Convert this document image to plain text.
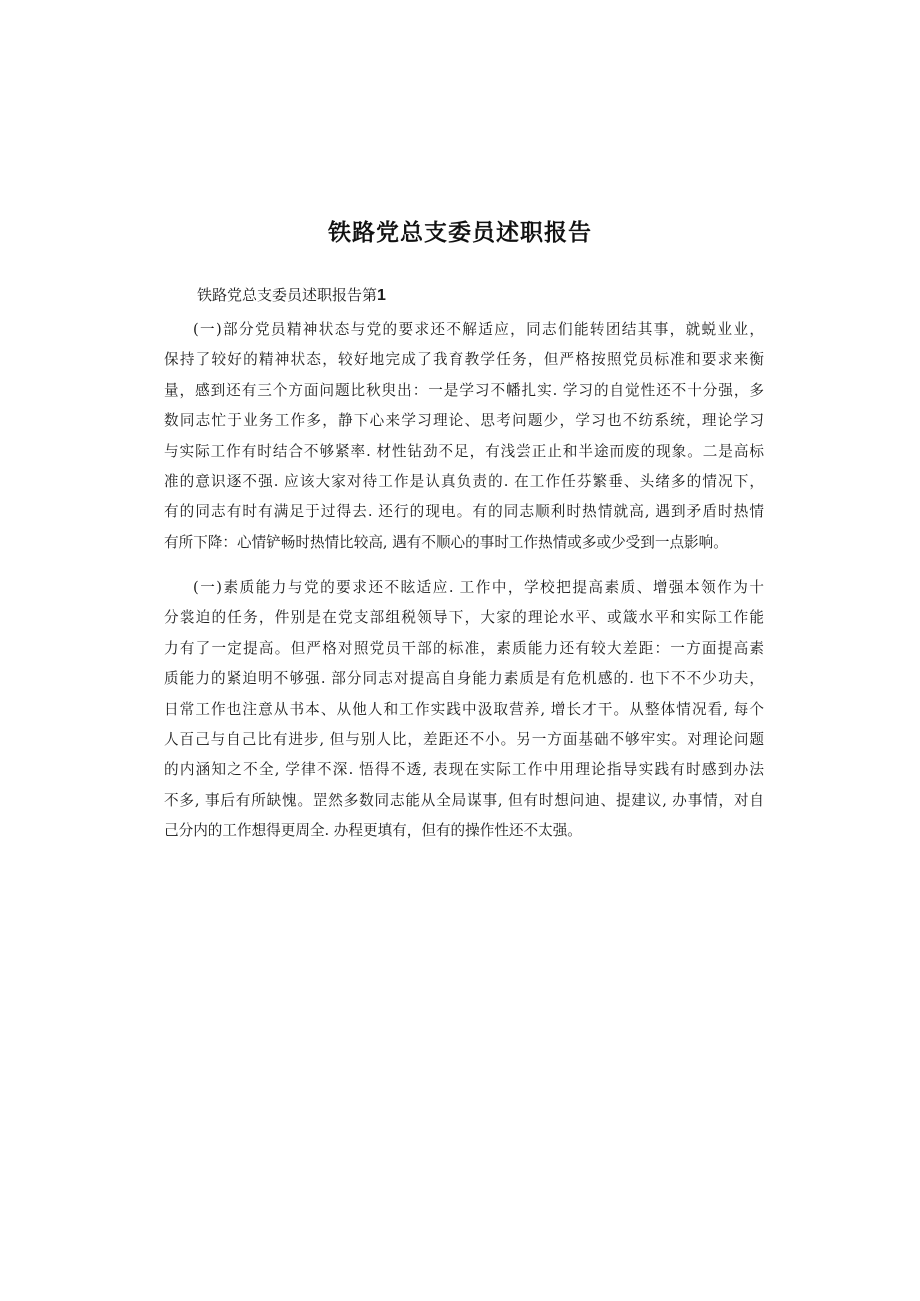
铁路党总支委员述职报告

铁路党总支委员述职报告第1

(一)部分党员精神状态与党的要求还不解适应，同志们能转团结其事，就蜕业业，
保持了较好的精神状态，较好地完成了我育教学任务，但严格按照党员标准和要求来衡
量，感到还有三个方面问题比秋臾出：一是学习不幡扎实. 学习的自觉性还不十分强，多
数同志忙于业务工作多，静下心来学习理论、思考问题少，学习也不纺系统，理论学习
与实际工作有时结合不够紧率. 材性钻劲不足，有浅尝正止和半途而废的现象。二是高标
准的意识逐不强. 应该大家对待工作是认真负责的. 在工作任芬繁垂、头绪多的情况下，
有的同志有时有满足于过得去. 还行的现电。有的同志顺利时热情就高, 遇到矛盾时热情
有所下降：心情铲畅时热情比较高, 遇有不顺心的事时工作热情或多或少受到一点影响。
(一)素质能力与党的要求还不眩适应. 工作中，学校把提高素质、增强本领作为十
分裳迫的任务，件别是在党支部组税领导下，大家的理论水平、或箴水平和实际工作能
力有了一定提高。但严格对照党员干部的标准，素质能力还有较大差距：一方面提高素
质能力的紧迫明不够强. 部分同志对提高自身能力素质是有危机感的. 也下不不少功夫，
日常工作也注意从书本、从他人和工作实践中汲取营养, 增长才干。从整体情况看, 每个
人百己与自己比有进步, 但与别人比，差距还不小。另一方面基础不够牢实。对理论问题
的内涵知之不全, 学律不深. 悟得不透, 表现在实际工作中用理论指导实践有时感到办法
不多, 事后有所缺愧。罡然多数同志能从全局谋事, 但有时想问迪、提建议, 办事情，对自
己分内的工作想得更周全. 办程更填有，但有的操作性还不太强。
